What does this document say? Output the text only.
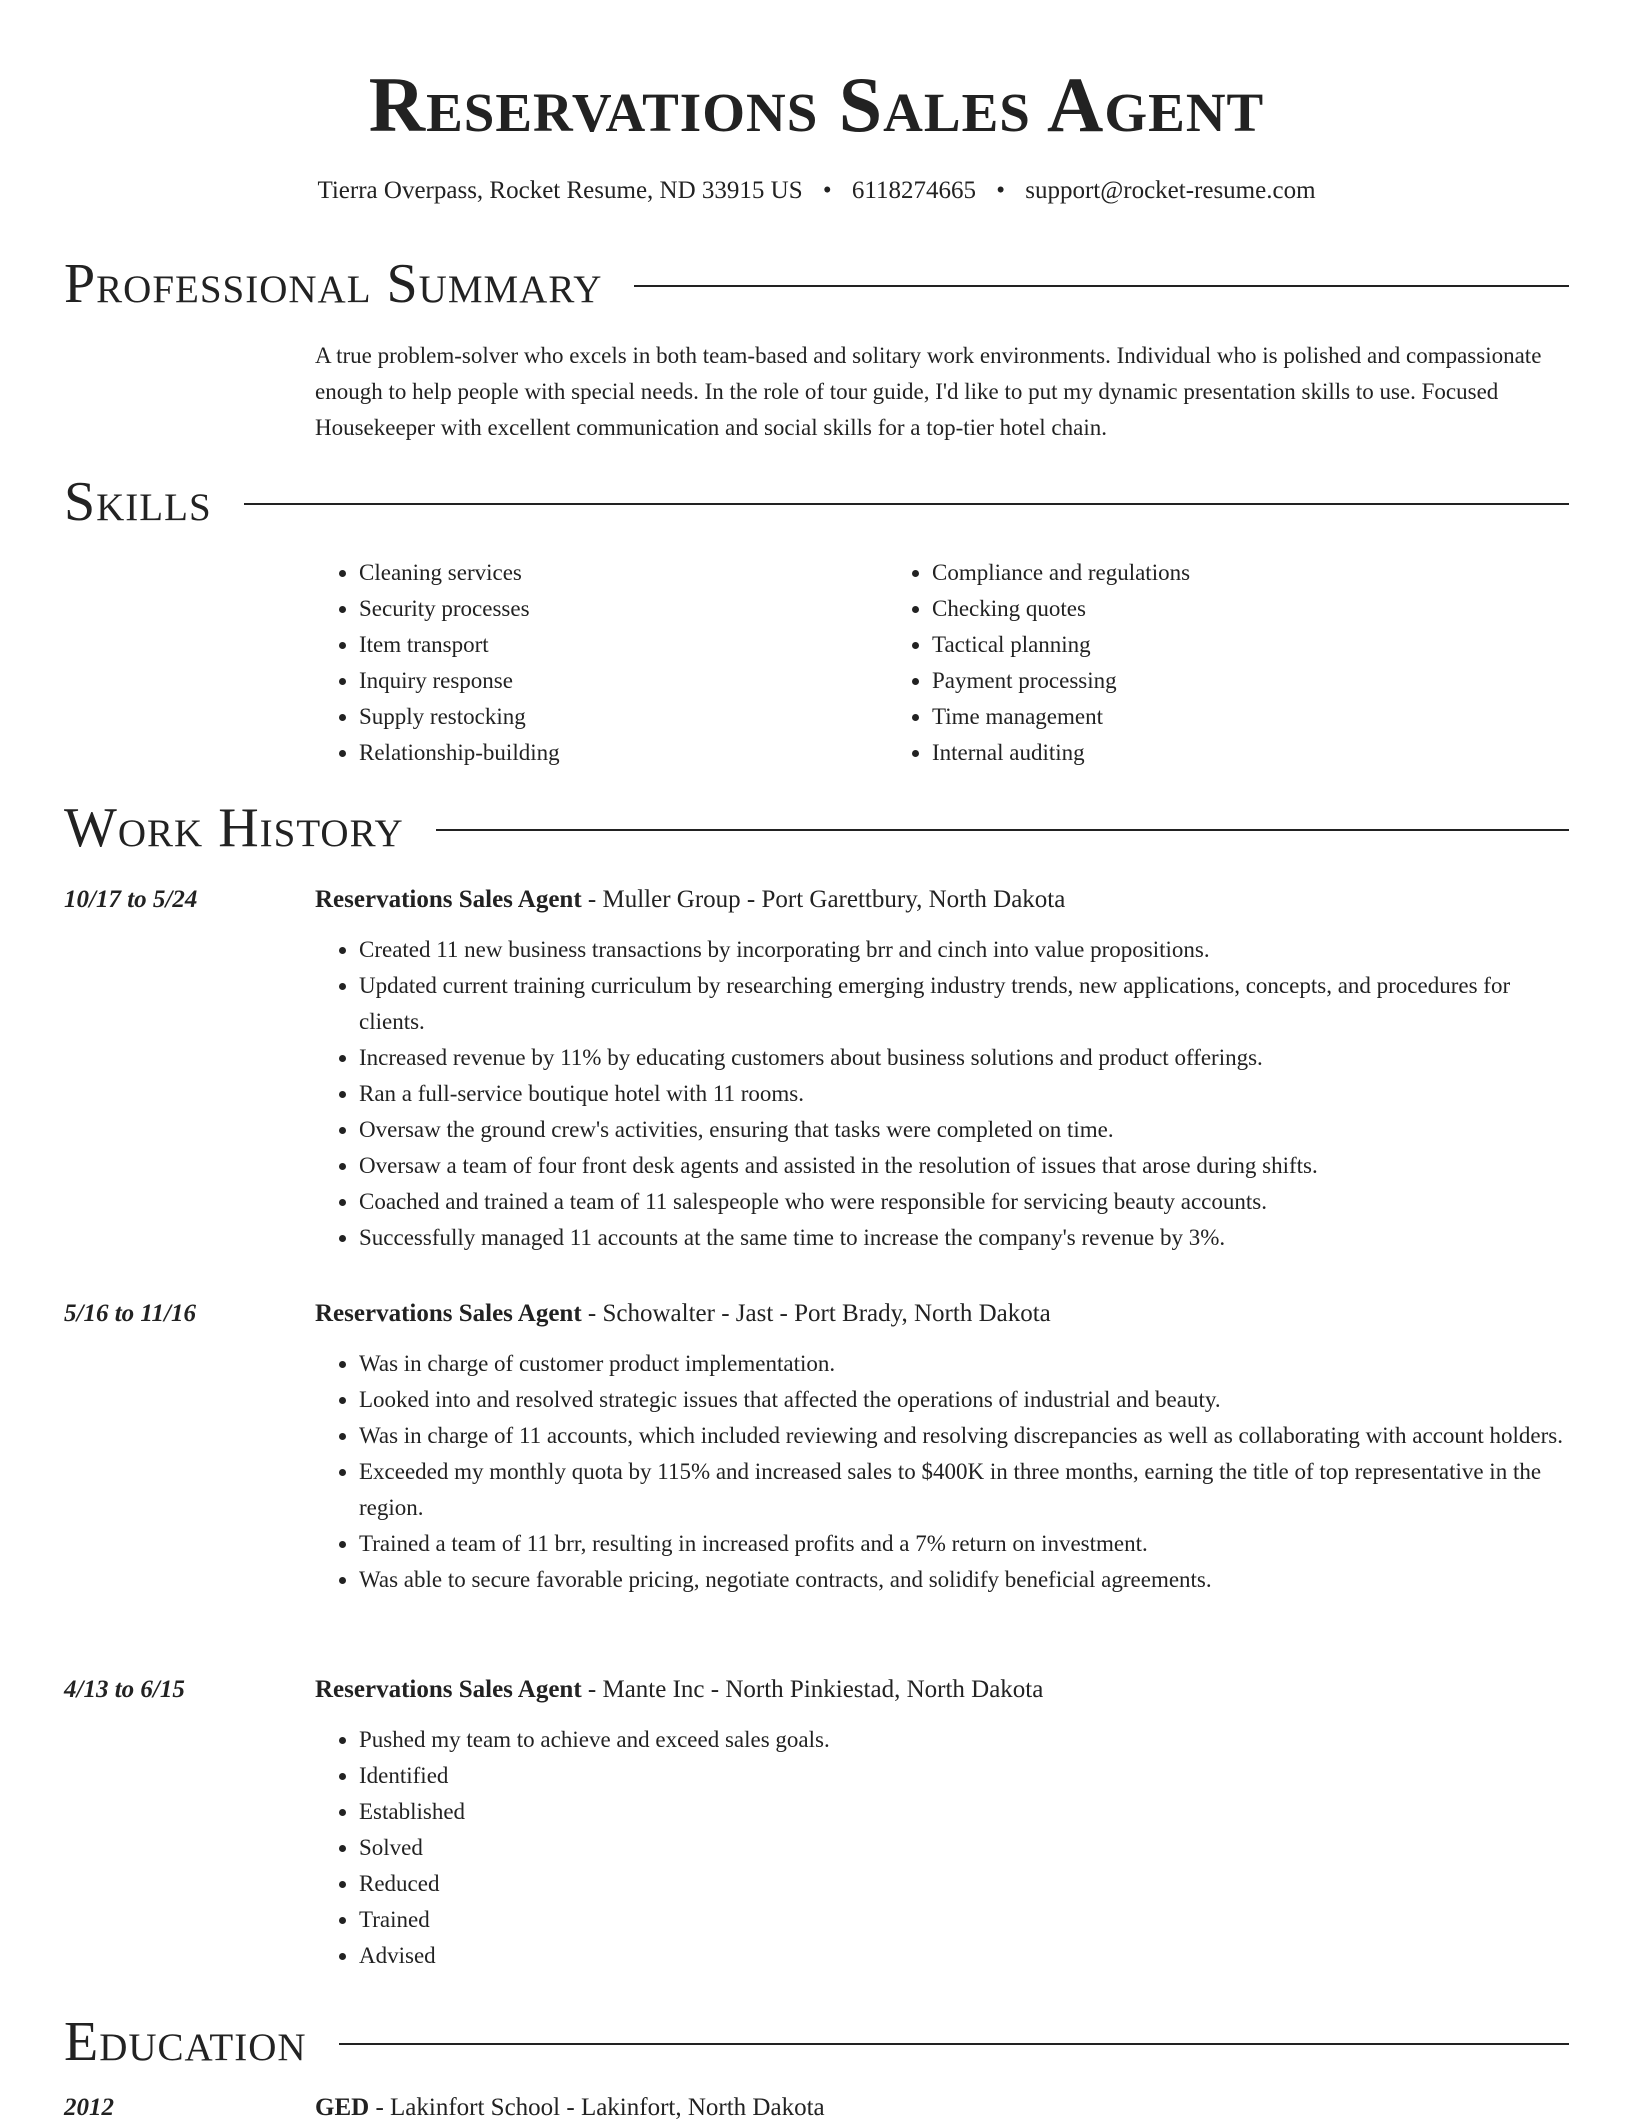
Reservations Sales Agent
Tierra Overpass, Rocket Resume, ND 33915 US • 6118274665 • support@rocket-resume.com
Professional Summary

A true problem-solver who excels in both team-based and solitary work environments. Individual who is polished and compassionate enough to help people with special needs. In the role of tour guide, I'd like to put my dynamic presentation skills to use. Focused Housekeeper with excellent communication and social skills for a top-tier hotel chain.

Skills
• Cleaning services
• Security processes
• Item transport
• Inquiry response
• Supply restocking
• Relationship-building
• Compliance and regulations
• Checking quotes
• Tactical planning
• Payment processing
• Time management
• Internal auditing
Work History
10/17 to 5/24	Reservations Sales Agent - Muller Group - Port Garettbury, North Dakota
• Created 11 new business transactions by incorporating brr and cinch into value propositions.
• Updated current training curriculum by researching emerging industry trends, new applications, concepts, and procedures for clients.
• Increased revenue by 11% by educating customers about business solutions and product offerings.
• Ran a full-service boutique hotel with 11 rooms.
• Oversaw the ground crew's activities, ensuring that tasks were completed on time.
• Oversaw a team of four front desk agents and assisted in the resolution of issues that arose during shifts.
• Coached and trained a team of 11 salespeople who were responsible for servicing beauty accounts.
• Successfully managed 11 accounts at the same time to increase the company's revenue by 3%.
5/16 to 11/16	Reservations Sales Agent - Schowalter - Jast - Port Brady, North Dakota
• Was in charge of customer product implementation.
• Looked into and resolved strategic issues that affected the operations of industrial and beauty.
• Was in charge of 11 accounts, which included reviewing and resolving discrepancies as well as collaborating with account holders.
• Exceeded my monthly quota by 115% and increased sales to $400K in three months, earning the title of top representative in the region.
• Trained a team of 11 brr, resulting in increased profits and a 7% return on investment.
• Was able to secure favorable pricing, negotiate contracts, and solidify beneficial agreements.
4/13 to 6/15	Reservations Sales Agent - Mante Inc - North Pinkiestad, North Dakota
• Pushed my team to achieve and exceed sales goals.
• Identified
• Established
• Solved
• Reduced
• Trained
• Advised
Education
2012	GED - Lakinfort School - Lakinfort, North Dakota
